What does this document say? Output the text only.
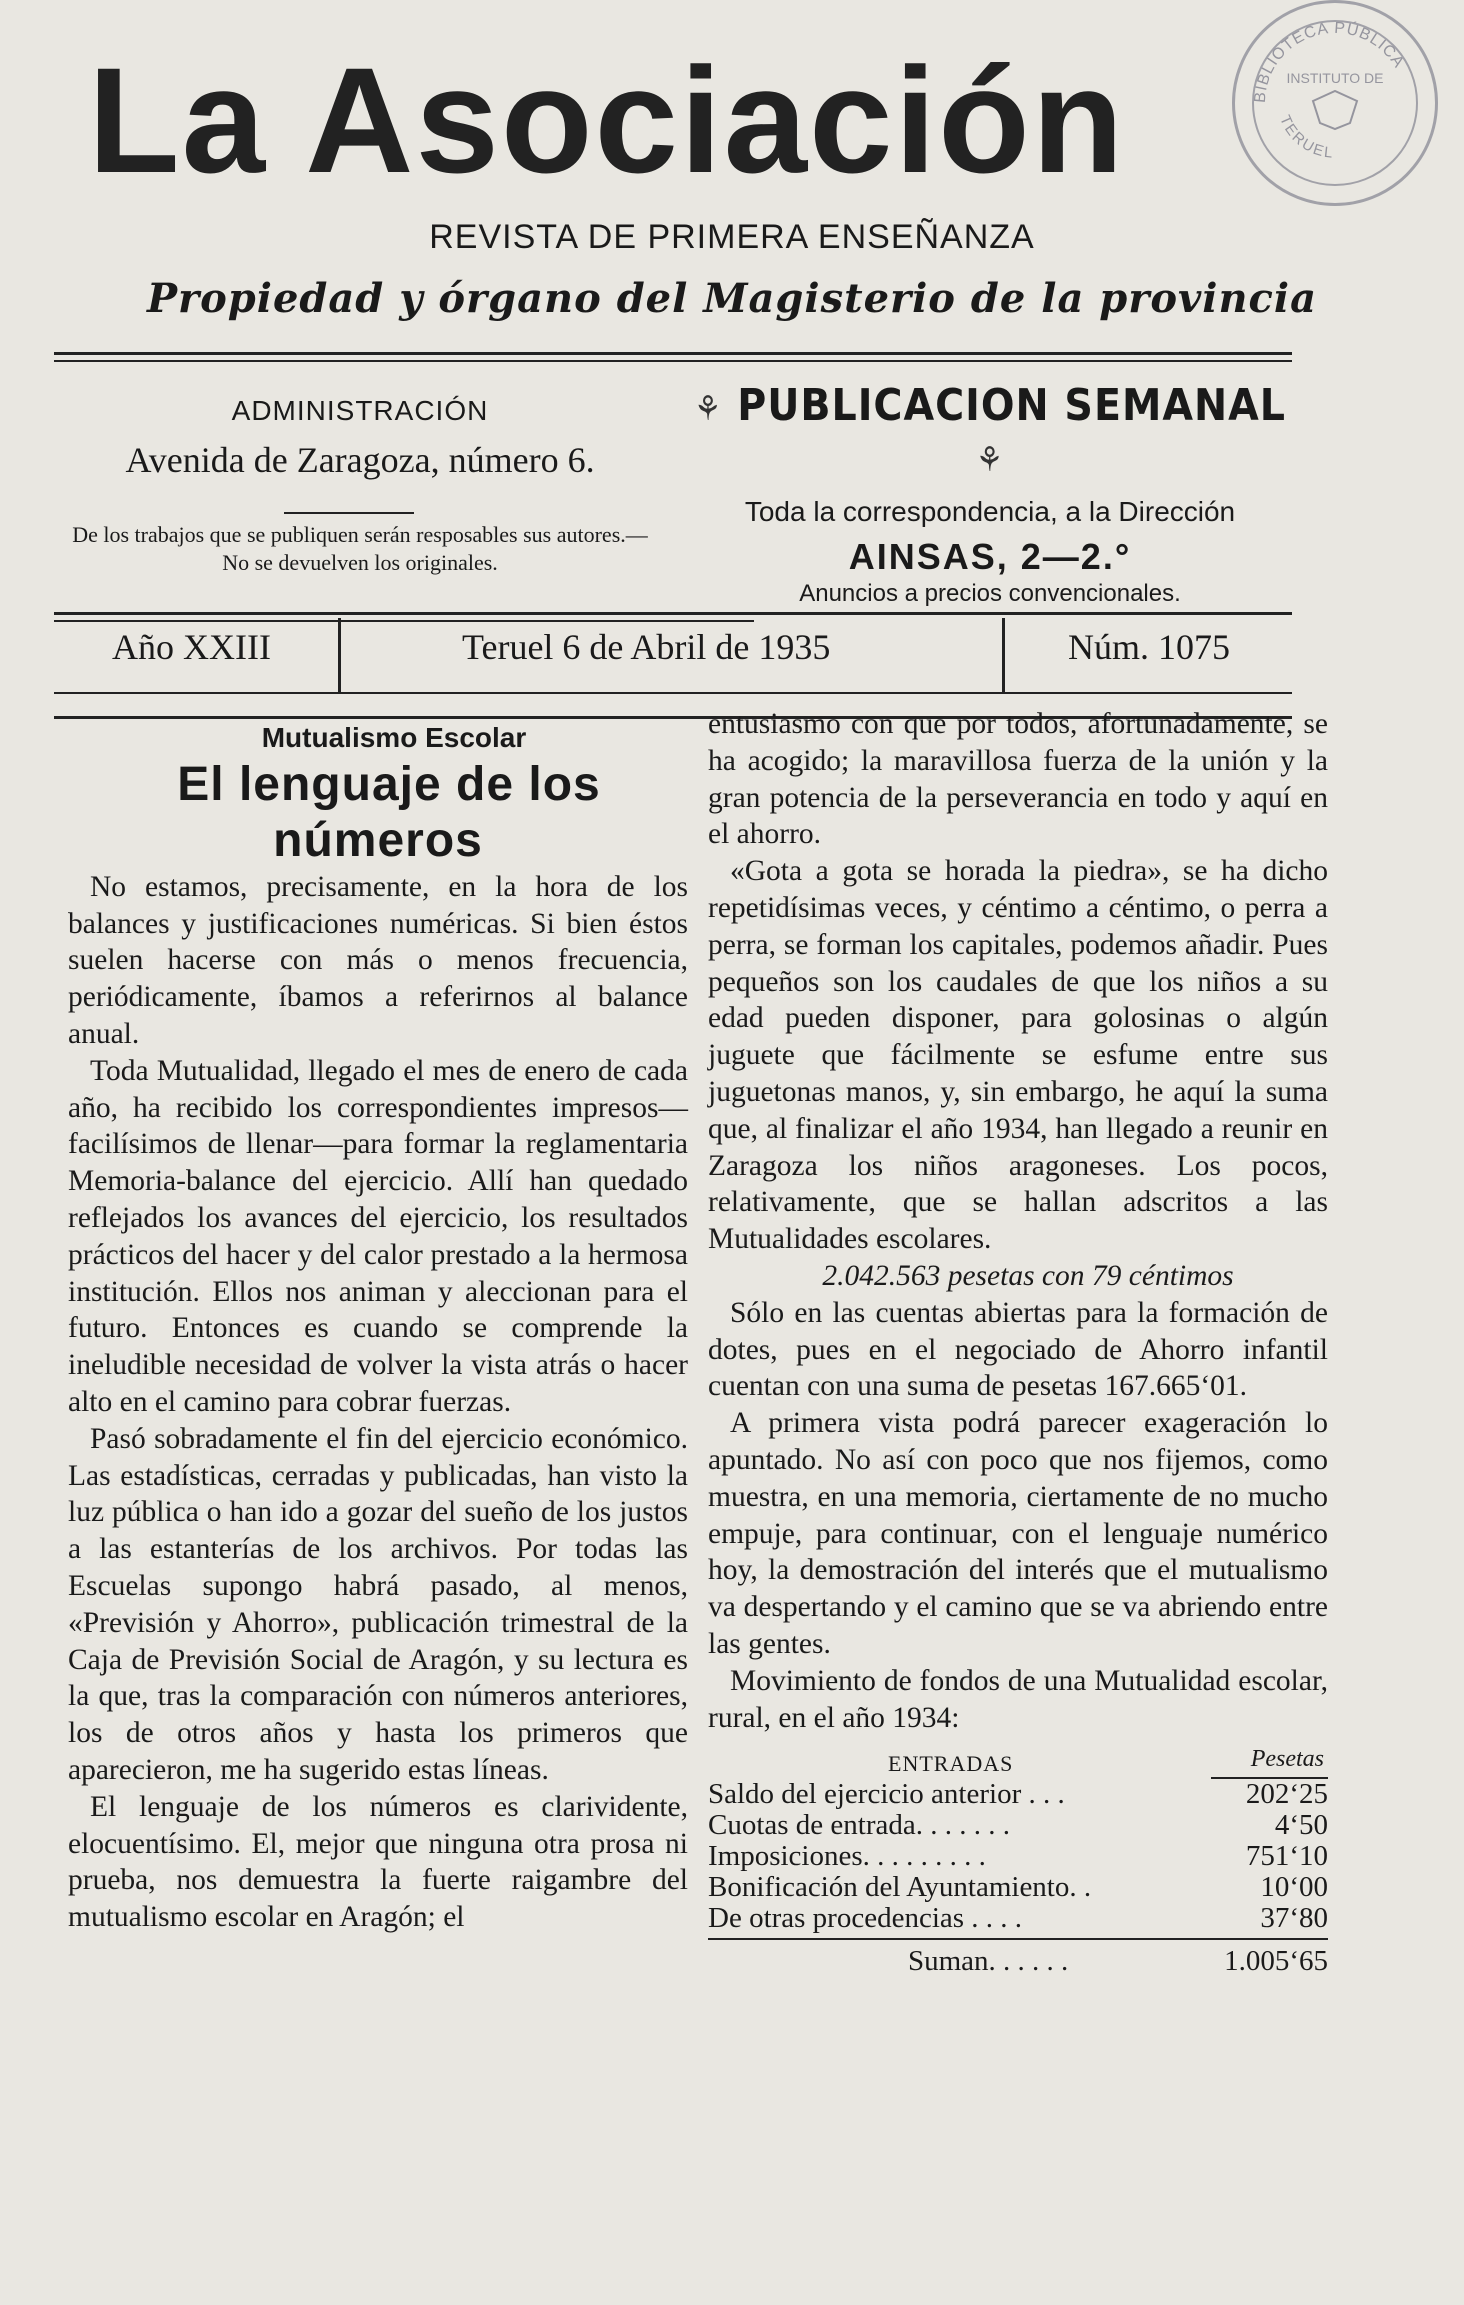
La Asociación	BIBLIOTECA PÚBLICA
INSTITUTO DE
TERUEL
REVISTA DE PRIMERA ENSEÑANZA
Propiedad y órgano del Magisterio de la provincia
ADMINISTRACIÓN
Avenida de Zaragoza, número 6.
De los trabajos que se publiquen serán resposables sus autores.—No se devuelven los originales.
⚘ PUBLICACION SEMANAL ⚘
Toda la correspondencia, a la Dirección
AINSAS, 2—2.°
Anuncios a precios convencionales.
Año XXIII	Teruel 6 de Abril de 1935	Núm. 1075

Mutualismo Escolar

El lenguaje de los números

No estamos, precisamente, en la hora de los balances y justificaciones numéricas. Si bien éstos suelen hacerse con más o menos frecuencia, periódicamente, íbamos a referirnos al balance anual.

Toda Mutualidad, llegado el mes de enero de cada año, ha recibido los correspondientes impresos—facilísimos de llenar—para formar la reglamentaria Memoria-balance del ejercicio. Allí han quedado reflejados los avances del ejercicio, los resultados prácticos del hacer y del calor prestado a la hermosa institución. Ellos nos animan y aleccionan para el futuro. Entonces es cuando se comprende la ineludible necesidad de volver la vista atrás o hacer alto en el camino para cobrar fuerzas.

Pasó sobradamente el fin del ejercicio económico. Las estadísticas, cerradas y publicadas, han visto la luz pública o han ido a gozar del sueño de los justos a las estanterías de los archivos. Por todas las Escuelas supongo habrá pasado, al menos, «Previsión y Ahorro», publicación trimestral de la Caja de Previsión Social de Aragón, y su lectura es la que, tras la comparación con números anteriores, los de otros años y hasta los primeros que aparecieron, me ha sugerido estas líneas.

El lenguaje de los números es clarividente, elocuentísimo. El, mejor que ninguna otra prosa ni prueba, nos demuestra la fuerte raigambre del mutualismo escolar en Aragón; el

entusiasmo con que por todos, afortunadamente, se ha acogido; la maravillosa fuerza de la unión y la gran potencia de la perseverancia en todo y aquí en el ahorro.

«Gota a gota se horada la piedra», se ha dicho repetidísimas veces, y céntimo a céntimo, o perra a perra, se forman los capitales, podemos añadir. Pues pequeños son los caudales de que los niños a su edad pueden disponer, para golosinas o algún juguete que fácilmente se esfume entre sus juguetonas manos, y, sin embargo, he aquí la suma que, al finalizar el año 1934, han llegado a reunir en Zaragoza los niños aragoneses. Los pocos, relativamente, que se hallan adscritos a las Mutualidades escolares.

2.042.563 pesetas con 79 céntimos

Sólo en las cuentas abiertas para la formación de dotes, pues en el negociado de Ahorro infantil cuentan con una suma de pesetas 167.665‘01.

A primera vista podrá parecer exageración lo apuntado. No así con poco que nos fijemos, como muestra, en una memoria, ciertamente de no mucho empuje, para continuar, con el lenguaje numérico hoy, la demostración del interés que el mutualismo va despertando y el camino que se va abriendo entre las gentes.

Movimiento de fondos de una Mutualidad escolar, rural, en el año 1934:

ENTRADAS	Pesetas
Saldo del ejercicio anterior . . .	202‘25
Cuotas de entrada. . . . . . .	4‘50
Imposiciones. . . . . . . . .	751‘10
Bonificación del Ayuntamiento. .	10‘00
De otras procedencias . . . .	37‘80
Suman. . . . . .	1.005‘65
